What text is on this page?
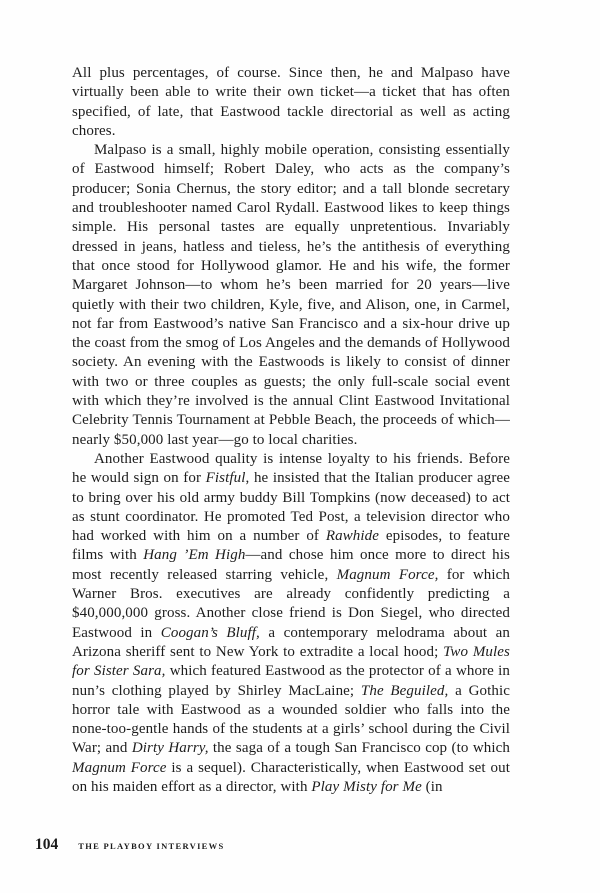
All plus percentages, of course. Since then, he and Malpaso have virtually been able to write their own ticket—a ticket that has often specified, of late, that Eastwood tackle directorial as well as acting chores.

Malpaso is a small, highly mobile operation, consisting essentially of Eastwood himself; Robert Daley, who acts as the company’s producer; Sonia Chernus, the story editor; and a tall blonde secretary and troubleshooter named Carol Rydall. Eastwood likes to keep things simple. His personal tastes are equally unpretentious. Invariably dressed in jeans, hatless and tieless, he’s the antithesis of everything that once stood for Hollywood glamor. He and his wife, the former Margaret Johnson—to whom he’s been married for 20 years—live quietly with their two children, Kyle, five, and Alison, one, in Carmel, not far from Eastwood’s native San Francisco and a six-hour drive up the coast from the smog of Los Angeles and the demands of Hollywood society. An evening with the Eastwoods is likely to consist of dinner with two or three couples as guests; the only full-scale social event with which they’re involved is the annual Clint Eastwood Invitational Celebrity Tennis Tournament at Pebble Beach, the proceeds of which—nearly $50,000 last year—go to local charities.

Another Eastwood quality is intense loyalty to his friends. Before he would sign on for Fistful, he insisted that the Italian producer agree to bring over his old army buddy Bill Tompkins (now deceased) to act as stunt coordinator. He promoted Ted Post, a television director who had worked with him on a number of Rawhide episodes, to feature films with Hang ’Em High—and chose him once more to direct his most recently released starring vehicle, Magnum Force, for which Warner Bros. executives are already confidently predicting a $40,000,000 gross. Another close friend is Don Siegel, who directed Eastwood in Coogan’s Bluff, a contemporary melodrama about an Arizona sheriff sent to New York to extradite a local hood; Two Mules for Sister Sara, which featured Eastwood as the protector of a whore in nun’s clothing played by Shirley MacLaine; The Beguiled, a Gothic horror tale with Eastwood as a wounded soldier who falls into the none-too-gentle hands of the students at a girls’ school during the Civil War; and Dirty Harry, the saga of a tough San Francisco cop (to which Magnum Force is a sequel). Characteristically, when Eastwood set out on his maiden effort as a director, with Play Misty for Me (in

104 THE PLAYBOY INTERVIEWS
